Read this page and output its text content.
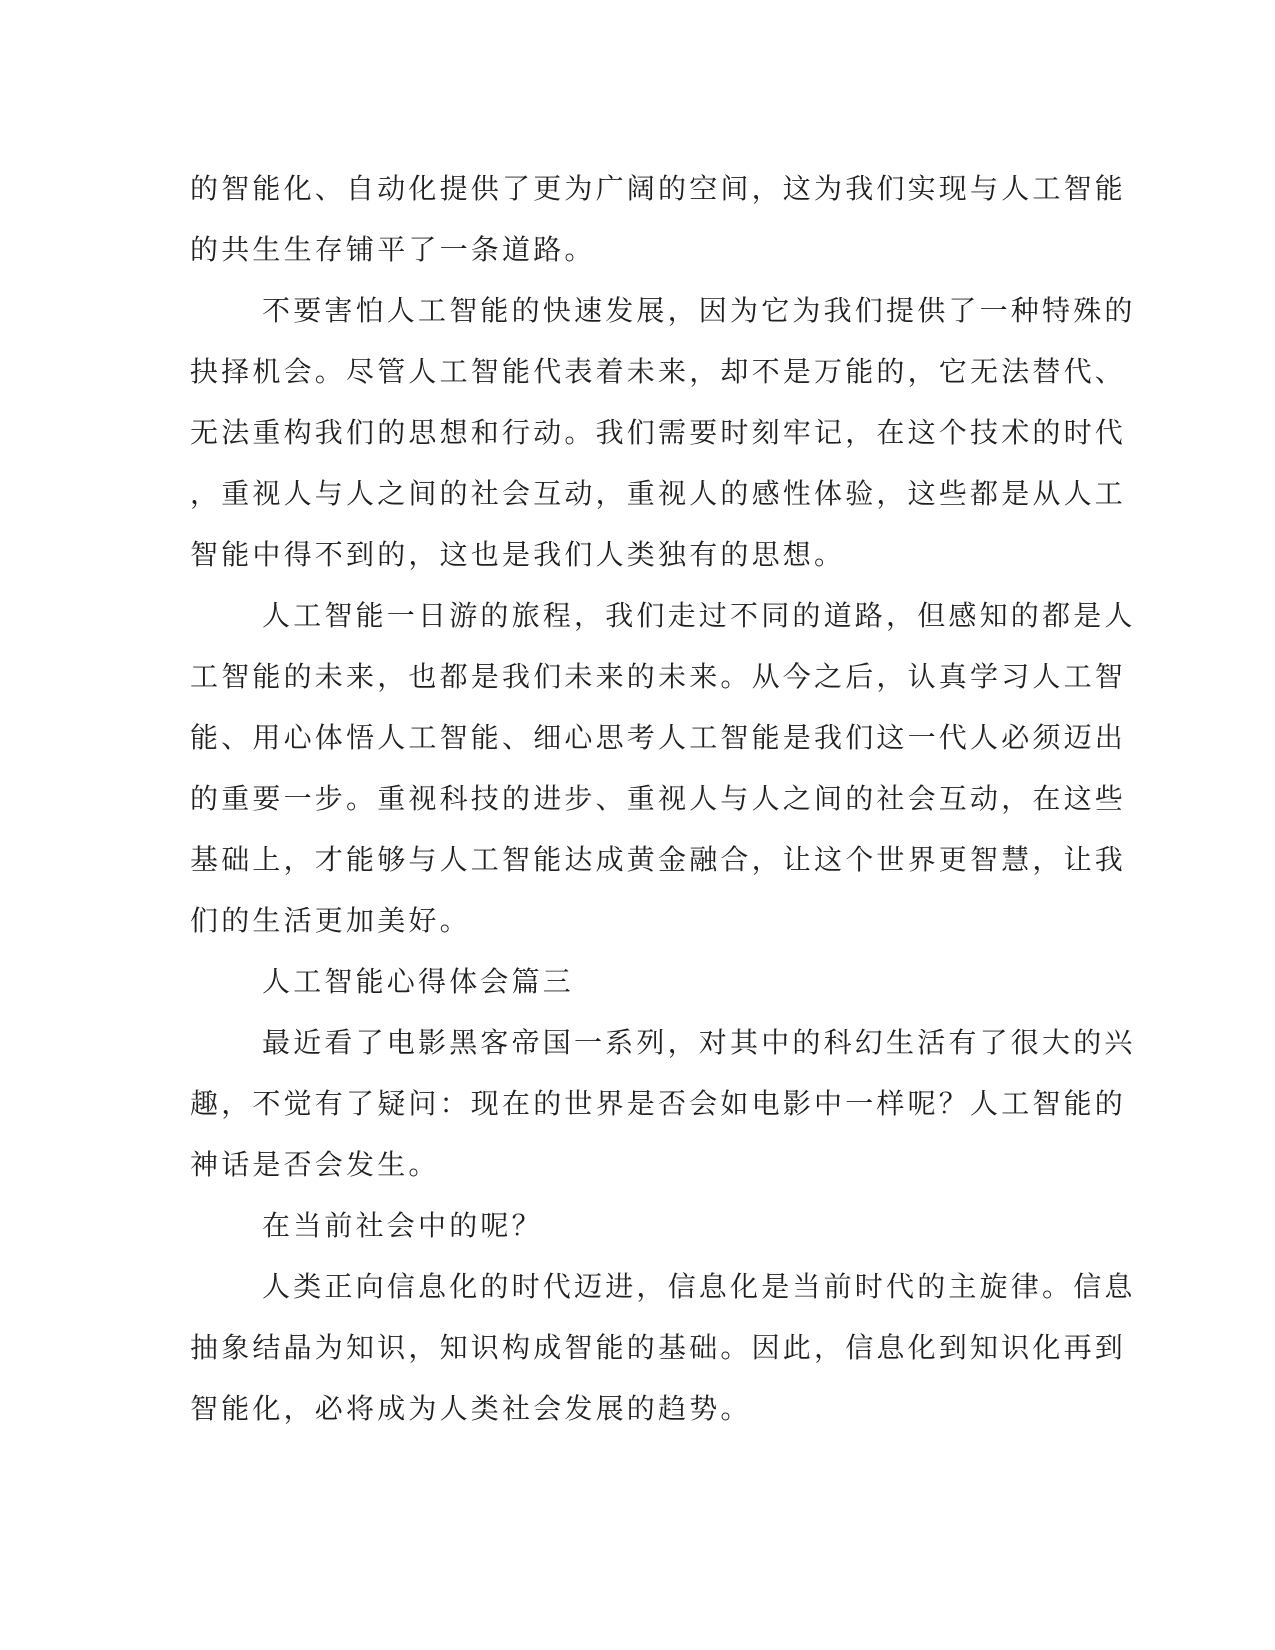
的智能化、自动化提供了更为广阔的空间，这为我们实现与人工智能
的共生生存铺平了一条道路。
不要害怕人工智能的快速发展，因为它为我们提供了一种特殊的
抉择机会。尽管人工智能代表着未来，却不是万能的，它无法替代、
无法重构我们的思想和行动。我们需要时刻牢记，在这个技术的时代
，重视人与人之间的社会互动，重视人的感性体验，这些都是从人工
智能中得不到的，这也是我们人类独有的思想。
人工智能一日游的旅程，我们走过不同的道路，但感知的都是人
工智能的未来，也都是我们未来的未来。从今之后，认真学习人工智
能、用心体悟人工智能、细心思考人工智能是我们这一代人必须迈出
的重要一步。重视科技的进步、重视人与人之间的社会互动，在这些
基础上，才能够与人工智能达成黄金融合，让这个世界更智慧，让我
们的生活更加美好。
人工智能心得体会篇三
最近看了电影黑客帝国一系列，对其中的科幻生活有了很大的兴
趣，不觉有了疑问：现在的世界是否会如电影中一样呢？人工智能的
神话是否会发生。
在当前社会中的呢？
人类正向信息化的时代迈进，信息化是当前时代的主旋律。信息
抽象结晶为知识，知识构成智能的基础。因此，信息化到知识化再到
智能化，必将成为人类社会发展的趋势。
